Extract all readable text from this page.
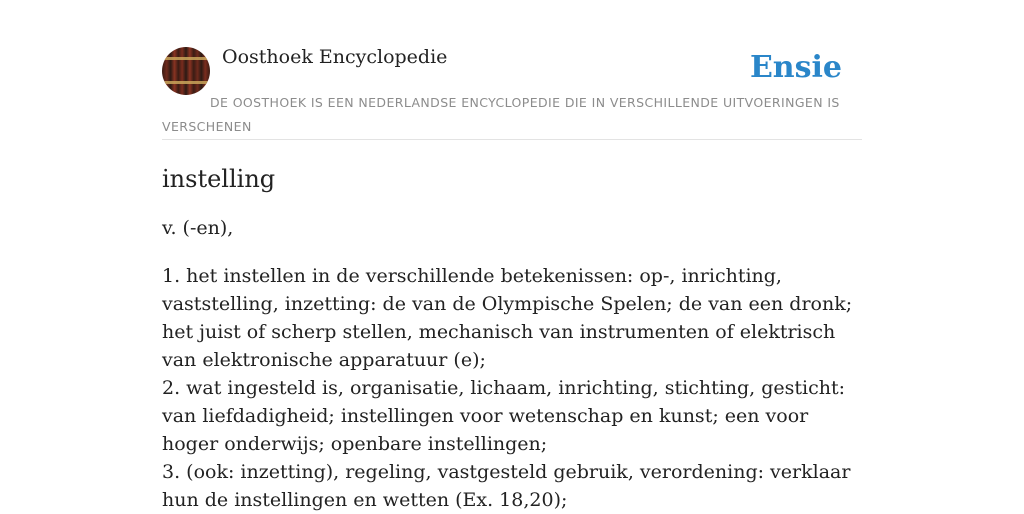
Oosthoek Encyclopedie	Ensie
DE OOSTHOEK IS EEN NEDERLANDSE ENCYCLOPEDIE DIE IN VERSCHILLENDE UITVOERINGEN IS VERSCHENEN
instelling

v. (-en),

1. het instellen in de verschillende betekenissen: op-, inrichting, vaststelling, inzetting: de van de Olympische Spelen; de van een dronk; het juist of scherp stellen, mechanisch van instrumenten of elektrisch van elektronische apparatuur (e);
2. wat ingesteld is, organisatie, lichaam, inrichting, stichting, gesticht: van liefdadigheid; instellingen voor wetenschap en kunst; een voor hoger onderwijs; openbare instellingen;
3. (ook: inzetting), regeling, vastgesteld gebruik, verordening: verklaar hun de instellingen en wetten (Ex. 18,20);
